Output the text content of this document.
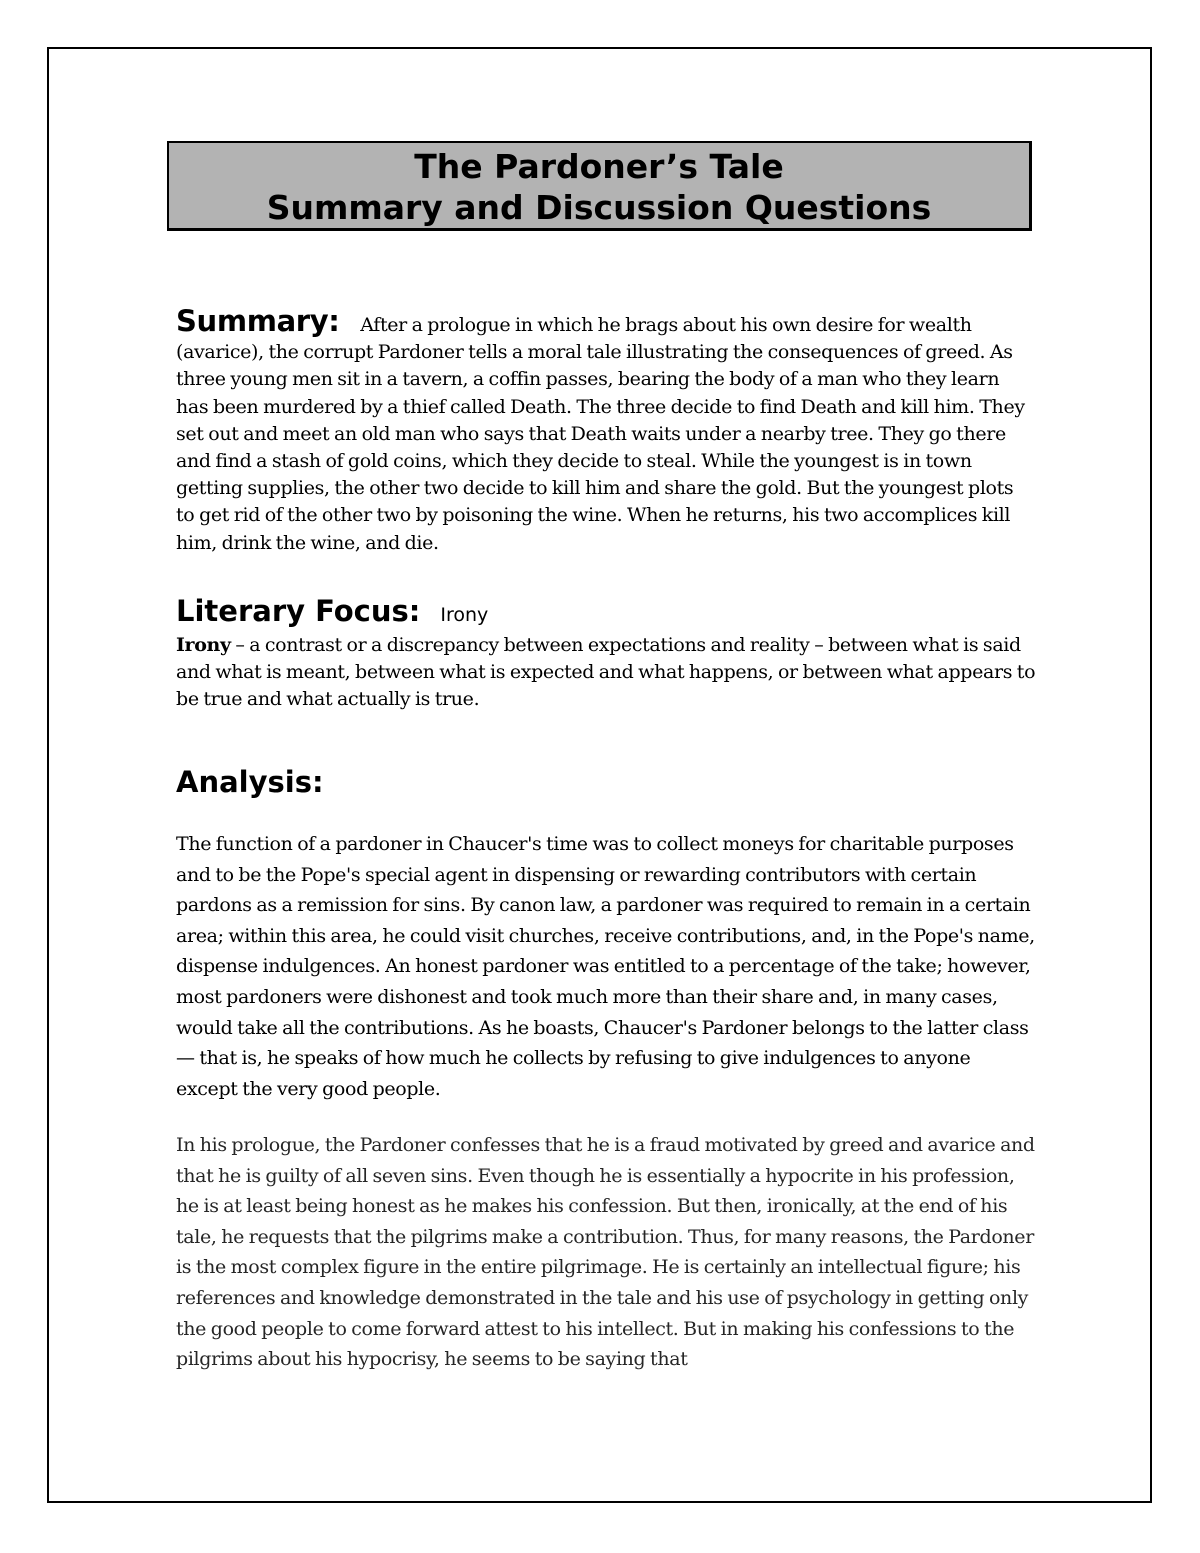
The Pardoner’s Tale
Summary and Discussion Questions
Summary: After a prologue in which he brags about his own desire for wealth (avarice), the corrupt Pardoner tells a moral tale illustrating the consequences of greed. As three young men sit in a tavern, a coffin passes, bearing the body of a man who they learn has been murdered by a thief called Death. The three decide to find Death and kill him. They set out and meet an old man who says that Death waits under a nearby tree. They go there and find a stash of gold coins, which they decide to steal. While the youngest is in town getting supplies, the other two decide to kill him and share the gold. But the youngest plots to get rid of the other two by poisoning the wine. When he returns, his two accomplices kill him, drink the wine, and die.
Literary Focus: Irony
Irony – a contrast or a discrepancy between expectations and reality – between what is said and what is meant, between what is expected and what happens, or between what appears to be true and what actually is true.
Analysis:
The function of a pardoner in Chaucer's time was to collect moneys for charitable purposes and to be the Pope's special agent in dispensing or rewarding contributors with certain pardons as a remission for sins. By canon law, a pardoner was required to remain in a certain area; within this area, he could visit churches, receive contributions, and, in the Pope's name, dispense indulgences. An honest pardoner was entitled to a percentage of the take; however, most pardoners were dishonest and took much more than their share and, in many cases, would take all the contributions. As he boasts, Chaucer's Pardoner belongs to the latter class — that is, he speaks of how much he collects by refusing to give indulgences to anyone except the very good people.
In his prologue, the Pardoner confesses that he is a fraud motivated by greed and avarice and that he is guilty of all seven sins. Even though he is essentially a hypocrite in his profession, he is at least being honest as he makes his confession. But then, ironically, at the end of his tale, he requests that the pilgrims make a contribution. Thus, for many reasons, the Pardoner is the most complex figure in the entire pilgrimage. He is certainly an intellectual figure; his references and knowledge demonstrated in the tale and his use of psychology in getting only the good people to come forward attest to his intellect. But in making his confessions to the pilgrims about his hypocrisy, he seems to be saying that
